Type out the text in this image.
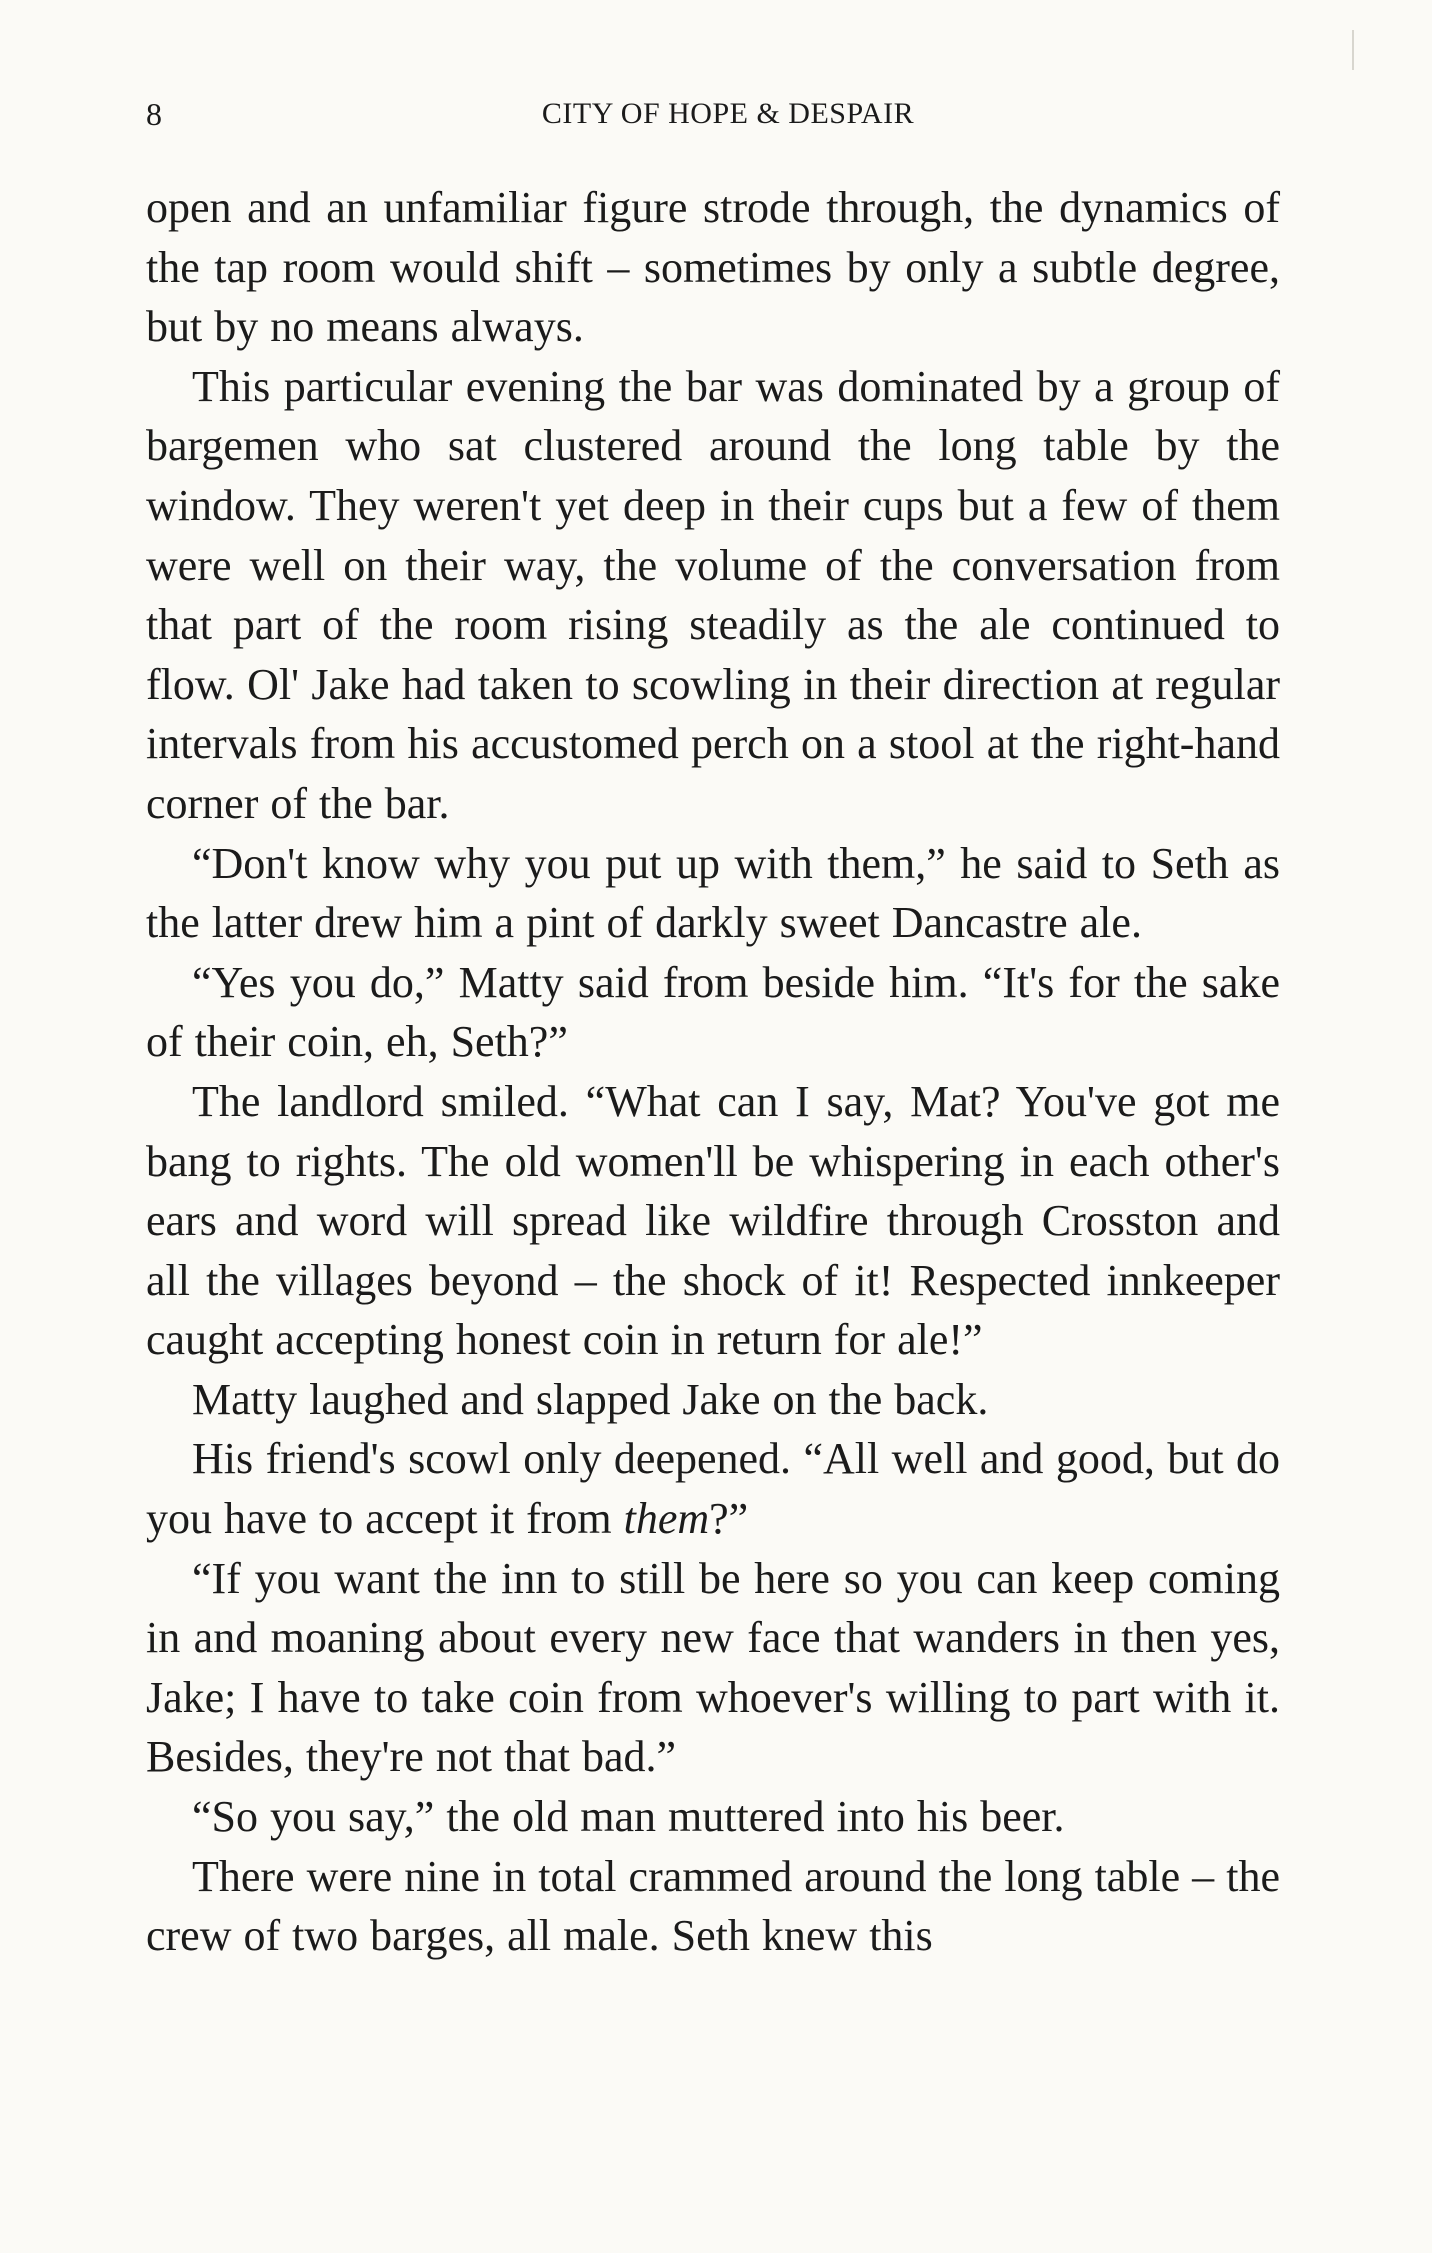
8	CITY OF HOPE & DESPAIR

open and an unfamiliar figure strode through, the dynamics of the tap room would shift – sometimes by only a subtle degree, but by no means always.

This particular evening the bar was dominated by a group of bargemen who sat clustered around the long table by the window. They weren't yet deep in their cups but a few of them were well on their way, the volume of the conversation from that part of the room rising steadily as the ale continued to flow. Ol' Jake had taken to scowling in their direction at regular intervals from his accustomed perch on a stool at the right-hand corner of the bar.

“Don't know why you put up with them,” he said to Seth as the latter drew him a pint of darkly sweet Dancastre ale.

“Yes you do,” Matty said from beside him. “It's for the sake of their coin, eh, Seth?”

The landlord smiled. “What can I say, Mat? You've got me bang to rights. The old women'll be whispering in each other's ears and word will spread like wildfire through Crosston and all the villages beyond – the shock of it! Respected innkeeper caught accepting honest coin in return for ale!”

Matty laughed and slapped Jake on the back.

His friend's scowl only deepened. “All well and good, but do you have to accept it from them?”

“If you want the inn to still be here so you can keep coming in and moaning about every new face that wanders in then yes, Jake; I have to take coin from whoever's willing to part with it. Besides, they're not that bad.”

“So you say,” the old man muttered into his beer.

There were nine in total crammed around the long table – the crew of two barges, all male. Seth knew this
